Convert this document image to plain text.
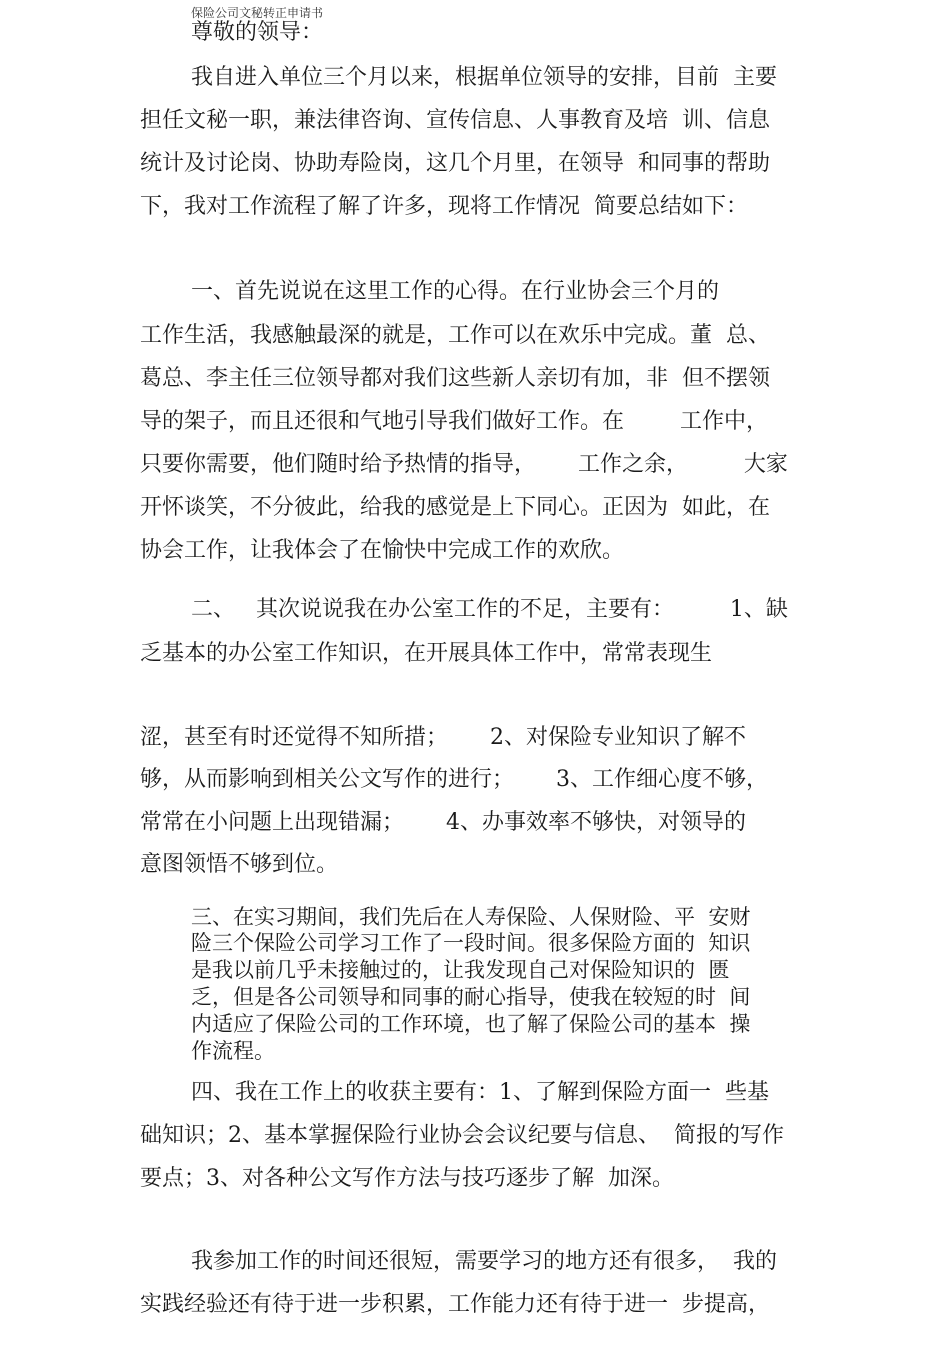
保险公司文秘转正申请书
尊敬的领导：
我自进入单位三个月以来，根据单位领导的安排，目前  主要
担任文秘一职，兼法律咨询、宣传信息、人事教育及培  训、信息
统计及讨论岗、协助寿险岗，这几个月里，在领导  和同事的帮助
下，我对工作流程了解了许多，现将工作情况  简要总结如下：
一、首先说说在这里工作的心得。在行业协会三个月的
工作生活，我感触最深的就是，工作可以在欢乐中完成。董  总、
葛总、李主任三位领导都对我们这些新人亲切有加，非  但不摆领
导的架子，而且还很和气地引导我们做好工作。在        工作中，
只要你需要，他们随时给予热情的指导，      工作之余，        大家
开怀谈笑，不分彼此，给我的感觉是上下同心。正因为  如此，在
协会工作，让我体会了在愉快中完成工作的欢欣。
二、   其次说说我在办公室工作的不足，主要有：        1、缺
乏基本的办公室工作知识，在开展具体工作中，常常表现生
涩，甚至有时还觉得不知所措；      2、对保险专业知识了解不
够，从而影响到相关公文写作的进行；      3、工作细心度不够，
常常在小问题上出现错漏；      4、办事效率不够快，对领导的
意图领悟不够到位。
三、在实习期间，我们先后在人寿保险、人保财险、平  安财
险三个保险公司学习工作了一段时间。很多保险方面的  知识
是我以前几乎未接触过的，让我发现自己对保险知识的  匮
乏，但是各公司领导和同事的耐心指导，使我在较短的时  间
内适应了保险公司的工作环境，也了解了保险公司的基本  操
作流程。
四、我在工作上的收获主要有：1、了解到保险方面一  些基
础知识；2、基本掌握保险行业协会会议纪要与信息、  简报的写作
要点；3、对各种公文写作方法与技巧逐步了解  加深。
我参加工作的时间还很短，需要学习的地方还有很多，  我的
实践经验还有待于进一步积累，工作能力还有待于进一  步提高，
